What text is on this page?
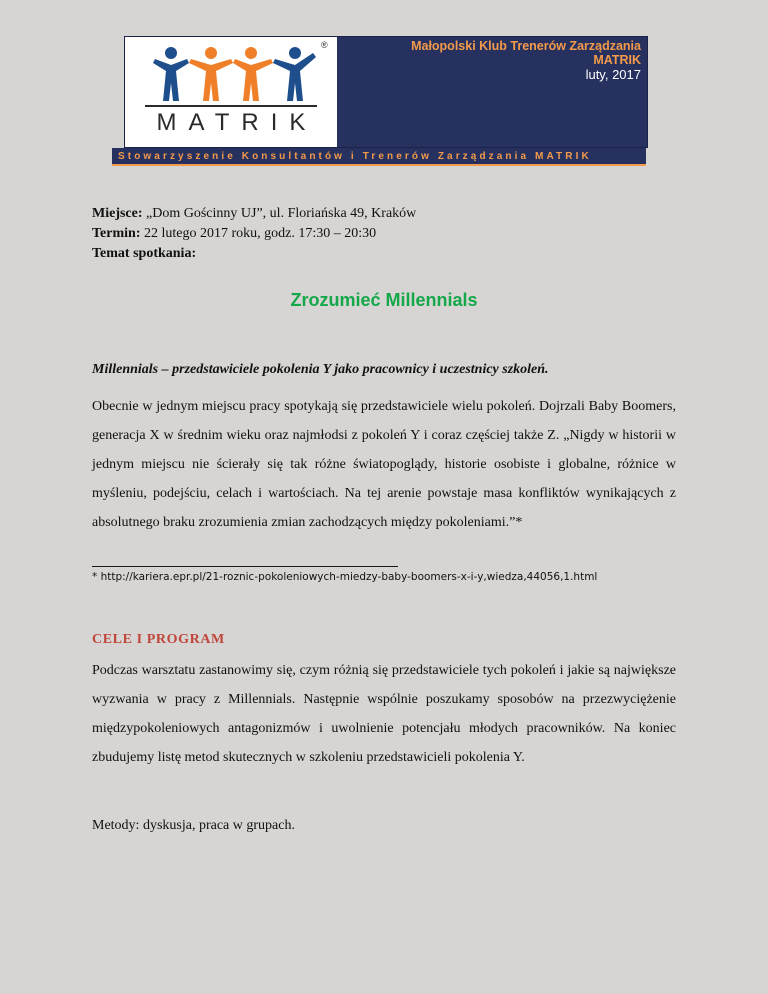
®
MATRIK
Małopolski Klub Trenerów Zarządzania
MATRIK
luty, 2017
Stowarzyszenie Konsultantów i Trenerów Zarządzania MATRIK
Miejsce: „Dom Gościnny UJ”, ul. Floriańska 49, Kraków
Termin: 22 lutego 2017 roku, godz. 17:30 – 20:30
Temat spotkania:
Zrozumieć Millennials
Millennials – przedstawiciele pokolenia Y jako pracownicy i uczestnicy szkoleń.
Obecnie w jednym miejscu pracy spotykają się przedstawiciele wielu pokoleń. Dojrzali Baby Boomers, generacja X w średnim wieku oraz najmłodsi z pokoleń Y i coraz częściej także Z. „Nigdy w historii w jednym miejscu nie ścierały się tak różne światopoglądy, historie osobiste i globalne, różnice w myśleniu, podejściu, celach i wartościach. Na tej arenie powstaje masa konfliktów wynikających z absolutnego braku zrozumienia zmian zachodzących między pokoleniami.”*
* http://kariera.epr.pl/21-roznic-pokoleniowych-miedzy-baby-boomers-x-i-y,wiedza,44056,1.html
CELE I PROGRAM
Podczas warsztatu zastanowimy się, czym różnią się przedstawiciele tych pokoleń i jakie są największe wyzwania w pracy z Millennials. Następnie wspólnie poszukamy sposobów na przezwyciężenie międzypokoleniowych antagonizmów i uwolnienie potencjału młodych pracowników. Na koniec zbudujemy listę metod skutecznych w szkoleniu przedstawicieli pokolenia Y.
Metody: dyskusja, praca w grupach.
